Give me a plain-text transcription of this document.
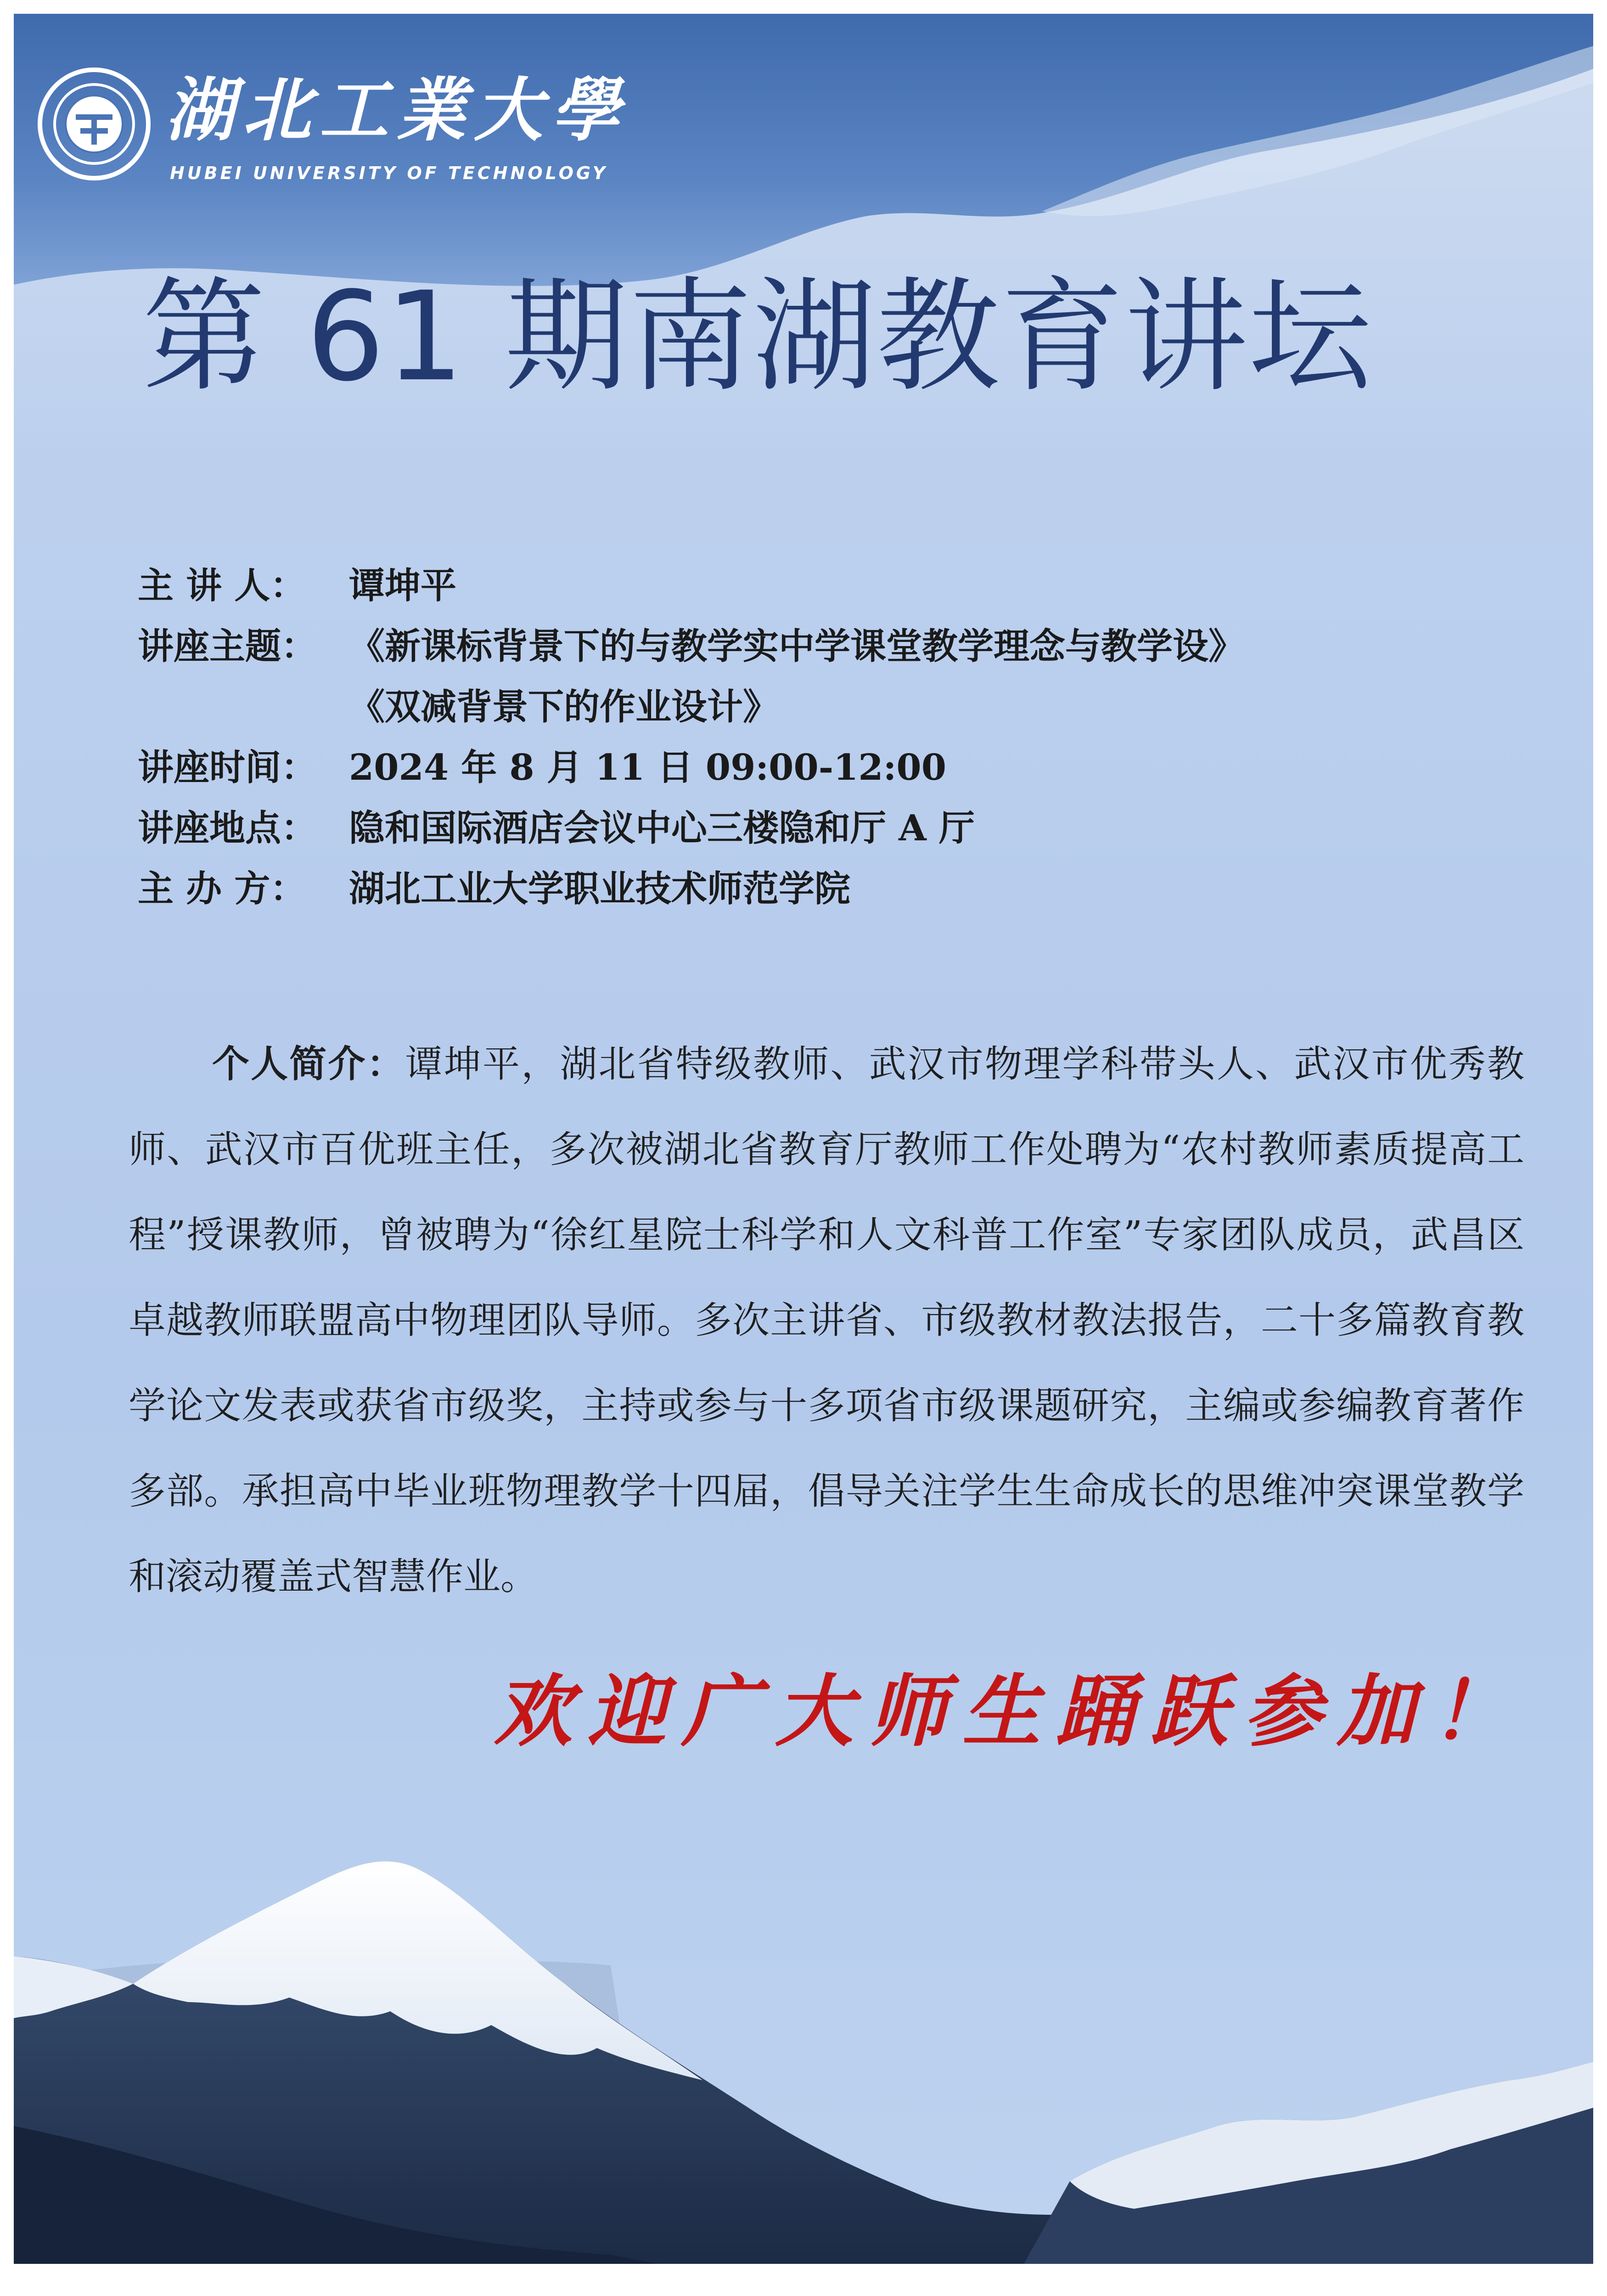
湖北工業大學
HUBEI UNIVERSITY OF TECHNOLOGY
第 61 期南湖教育讲坛
主 讲 人： 谭坤平
讲座主题： 《新课标背景下的与教学实中学课堂教学理念与教学设》
《双减背景下的作业设计》
讲座时间： 2024 年 8 月 11 日 09:00-12:00
讲座地点： 隐和国际酒店会议中心三楼隐和厅 A 厅
主 办 方： 湖北工业大学职业技术师范学院
个人简介：谭坤平，湖北省特级教师、武汉市物理学科带头人、武汉市优秀教师、武汉市百优班主任，多次被湖北省教育厅教师工作处聘为“农村教师素质提高工程”授课教师，曾被聘为“徐红星院士科学和人文科普工作室”专家团队成员，武昌区卓越教师联盟高中物理团队导师。多次主讲省、市级教材教法报告，二十多篇教育教学论文发表或获省市级奖，主持或参与十多项省市级课题研究，主编或参编教育著作多部。承担高中毕业班物理教学十四届，倡导关注学生生命成长的思维冲突课堂教学和滚动覆盖式智慧作业。
欢迎广大师生踊跃参加！
